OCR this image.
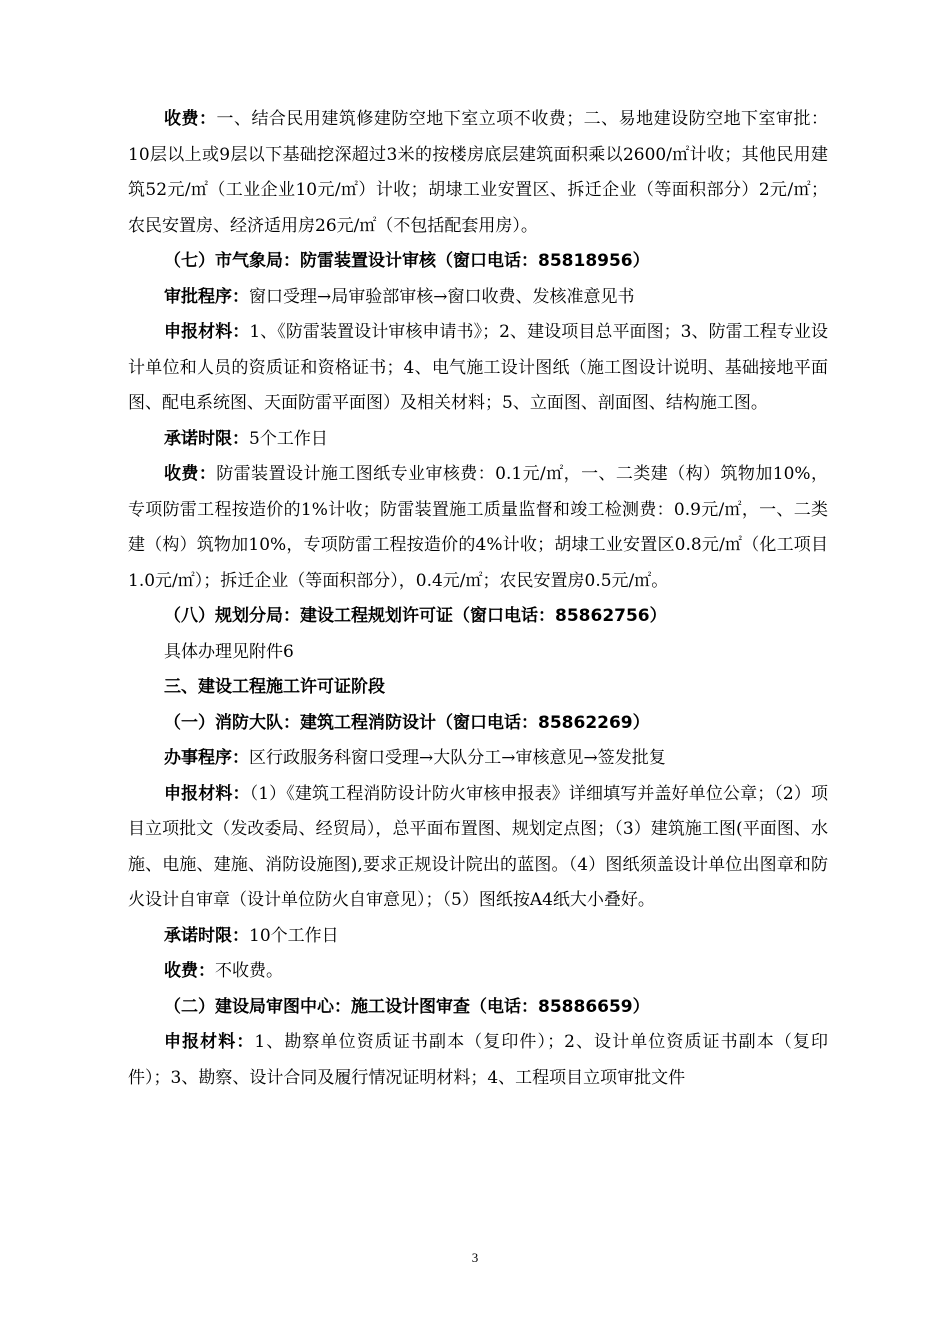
收费：一、结合民用建筑修建防空地下室立项不收费；二、易地建设防空地下室审批：10层以上或9层以下基础挖深超过3米的按楼房底层建筑面积乘以2600/㎡计收；其他民用建筑52元/㎡（工业企业10元/㎡）计收；胡埭工业安置区、拆迁企业（等面积部分）2元/㎡；农民安置房、经济适用房26元/㎡（不包括配套用房）。

（七）市气象局：防雷装置设计审核（窗口电话：85818956）

审批程序：窗口受理→局审验部审核→窗口收费、发核准意见书

申报材料：1、《防雷装置设计审核申请书》；2、建设项目总平面图；3、防雷工程专业设计单位和人员的资质证和资格证书；4、电气施工设计图纸（施工图设计说明、基础接地平面图、配电系统图、天面防雷平面图）及相关材料；5、立面图、剖面图、结构施工图。

承诺时限：5个工作日

收费：防雷装置设计施工图纸专业审核费：0.1元/㎡，一、二类建（构）筑物加10%，专项防雷工程按造价的1%计收；防雷装置施工质量监督和竣工检测费：0.9元/㎡，一、二类建（构）筑物加10%，专项防雷工程按造价的4%计收；胡埭工业安置区0.8元/㎡（化工项目1.0元/㎡）；拆迁企业（等面积部分），0.4元/㎡；农民安置房0.5元/㎡。

（八）规划分局：建设工程规划许可证（窗口电话：85862756）

具体办理见附件6

三、建设工程施工许可证阶段

（一）消防大队：建筑工程消防设计（窗口电话：85862269）

办事程序：区行政服务科窗口受理→大队分工→审核意见→签发批复

申报材料：（1）《建筑工程消防设计防火审核申报表》详细填写并盖好单位公章；（2）项目立项批文（发改委局、经贸局），总平面布置图、规划定点图；（3）建筑施工图(平面图、水施、电施、建施、消防设施图),要求正规设计院出的蓝图。（4）图纸须盖设计单位出图章和防火设计自审章（设计单位防火自审意见）；（5）图纸按A4纸大小叠好。

承诺时限：10个工作日

收费：不收费。

（二）建设局审图中心：施工设计图审查（电话：85886659）

申报材料：1、勘察单位资质证书副本（复印件）；2、设计单位资质证书副本（复印件）；3、勘察、设计合同及履行情况证明材料；4、工程项目立项审批文件

3
